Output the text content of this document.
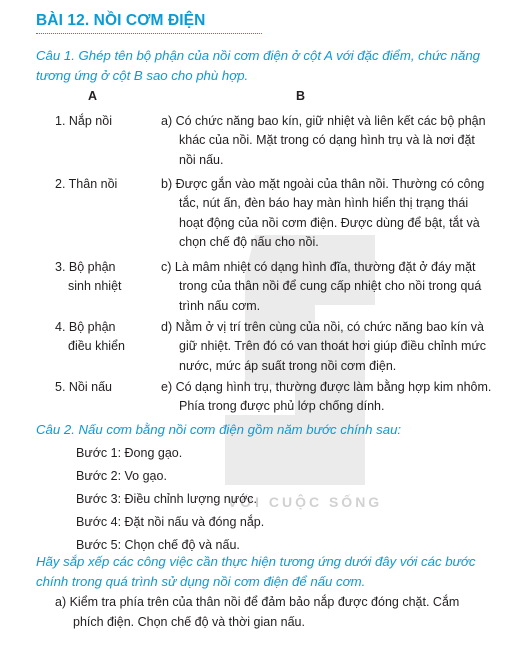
VỚI CUỘC SỐNG
BÀI 12. NỒI CƠM ĐIỆN
Câu 1. Ghép tên bộ phận của nồi cơm điện ở cột A với đặc điểm, chức năng
tương ứng ở cột B sao cho phù hợp.
A	B
1. Nắp nồi	a) Có chức năng bao kín, giữ nhiệt và liên kết các bộ phận
khác của nồi. Mặt trong có dạng hình trụ và là nơi đặt
nồi nấu.
2. Thân nồi	b) Được gắn vào mặt ngoài của thân nồi. Thường có công
tắc, nút ấn, đèn báo hay màn hình hiển thị trạng thái
hoạt động của nồi cơm điện. Được dùng để bật, tắt và
chọn chế độ nấu cho nồi.
3. Bộ phận
sinh nhiệt
c) Là mâm nhiệt có dạng hình đĩa, thường đặt ở đáy mặt
trong của thân nồi để cung cấp nhiệt cho nồi trong quá
trình nấu cơm.
4. Bộ phận
điều khiển
d) Nằm ở vị trí trên cùng của nồi, có chức năng bao kín và
giữ nhiệt. Trên đó có van thoát hơi giúp điều chỉnh mức
nước, mức áp suất trong nồi cơm điện.
5. Nồi nấu	e) Có dạng hình trụ, thường được làm bằng hợp kim nhôm.
Phía trong được phủ lớp chống dính.
Câu 2. Nấu cơm bằng nồi cơm điện gồm năm bước chính sau:
Bước 1: Đong gạo.
Bước 2: Vo gạo.
Bước 3: Điều chỉnh lượng nước.
Bước 4: Đặt nồi nấu và đóng nắp.
Bước 5: Chọn chế độ và nấu.
Hãy sắp xếp các công việc cần thực hiện tương ứng dưới đây với các bước
chính trong quá trình sử dụng nồi cơm điện để nấu cơm.
a) Kiểm tra phía trên của thân nồi để đảm bảo nắp được đóng chặt. Cắm
phích điện. Chọn chế độ và thời gian nấu.
